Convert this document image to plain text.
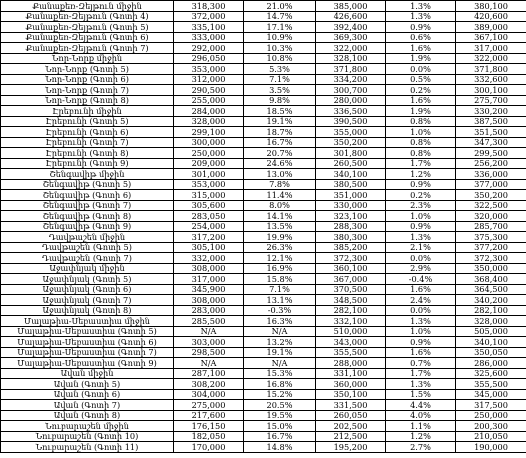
Քանաքեռ-Զեյթուն միջին	318,300	21.0%	385,000	1.3%	380,100
Քանաքեռ-Զեյթուն (Գոտի 4)	372,000	14.7%	426,600	1.3%	420,600
Քանաքեռ-Զեյթուն (Գոտի 5)	335,100	17.1%	392,400	0.9%	389,000
Քանաքեռ-Զեյթուն (Գոտի 6)	333,000	10.9%	369,300	0.6%	367,100
Քանաքեռ-Զեյթուն (Գոտի 7)	292,000	10.3%	322,000	1.6%	317,000
Նոր-Նորք միջին	296,050	10.8%	328,100	1.9%	322,000
Նոր-Նորք (Գոտի 5)	353,000	5.3%	371,800	0.0%	371,800
Նոր-Նորք (Գոտի 6)	312,000	7.1%	334,200	0.5%	332,600
Նոր-Նորք (Գոտի 7)	290,500	3.5%	300,700	0.2%	300,100
Նոր-Նորք (Գոտի 8)	255,000	9.8%	280,000	1.6%	275,700
Էրեբունի միջին	284,000	18.5%	336,500	1.9%	330,200
Էրեբունի (Գոտի 5)	328,000	19.1%	390,500	0.8%	387,500
Էրեբունի (Գոտի 6)	299,100	18.7%	355,000	1.0%	351,500
Էրեբունի (Գոտի 7)	300,000	16.7%	350,200	0.8%	347,300
Էրեբունի (Գոտի 8)	250,000	20.7%	301,800	0.8%	299,500
Էրեբունի (Գոտի 9)	209,000	24.6%	260,500	1.7%	256,200
Շենգավիթ միջին	301,000	13.0%	340,100	1.2%	336,000
Շենգավիթ (Գոտի 5)	353,000	7.8%	380,500	0.9%	377,000
Շենգավիթ (Գոտի 6)	315,000	11.4%	351,000	0.2%	350,200
Շենգավիթ (Գոտի 7)	305,600	8.0%	330,000	2.3%	322,500
Շենգավիթ (Գոտի 8)	283,050	14.1%	323,100	1.0%	320,000
Շենգավիթ (Գոտի 9)	254,000	13.5%	288,300	0.9%	285,700
Դավթաշեն միջին	317,200	19.9%	380,300	1.3%	375,300
Դավթաշեն (Գոտի 5)	305,100	26.3%	385,200	2.1%	377,200
Դավթաշեն (Գոտի 7)	332,000	12.1%	372,300	0.0%	372,300
Աջափնյակ միջին	308,000	16.9%	360,100	2.9%	350,000
Աջափնյակ (Գոտի 5)	317,000	15.8%	367,000	-0.4%	368,400
Աջափնյակ (Գոտի 6)	345,900	7.1%	370,500	1.6%	364,500
Աջափնյակ (Գոտի 7)	308,000	13.1%	348,500	2.4%	340,200
Աջափնյակ (Գոտի 8)	283,000	-0.3%	282,100	0.0%	282,100
Մալաթիա-Սեբաստիա միջին	285,500	16.3%	332,100	1.3%	328,000
Մալաթիա-Սեբաստիա (Գոտի 5)	N/A	N/A	510,000	1.0%	505,000
Մալաթիա-Սեբաստիա (Գոտի 6)	303,000	13.2%	343,000	0.9%	340,100
Մալաթիա-Սեբաստիա (Գոտի 7)	298,500	19.1%	355,500	1.6%	350,050
Մալաթիա-Սեբաստիա (Գոտի 9)	N/A	N/A	288,000	0.7%	286,000
Ավան միջին	287,100	15.3%	331,100	1.7%	325,600
Ավան (Գոտի 5)	308,200	16.8%	360,000	1.3%	355,500
Ավան (Գոտի 6)	304,000	15.2%	350,100	1.5%	345,000
Ավան (Գոտի 7)	275,000	20.5%	331,500	4.4%	317,500
Ավան (Գոտի 8)	217,600	19.5%	260,050	4.0%	250,000
Նուբարաշեն միջին	176,150	15.0%	202,500	1.1%	200,300
Նուբարաշեն (Գոտի 10)	182,050	16.7%	212,500	1.2%	210,050
Նուբարաշեն (Գոտի 11)	170,000	14.8%	195,200	2.7%	190,000
